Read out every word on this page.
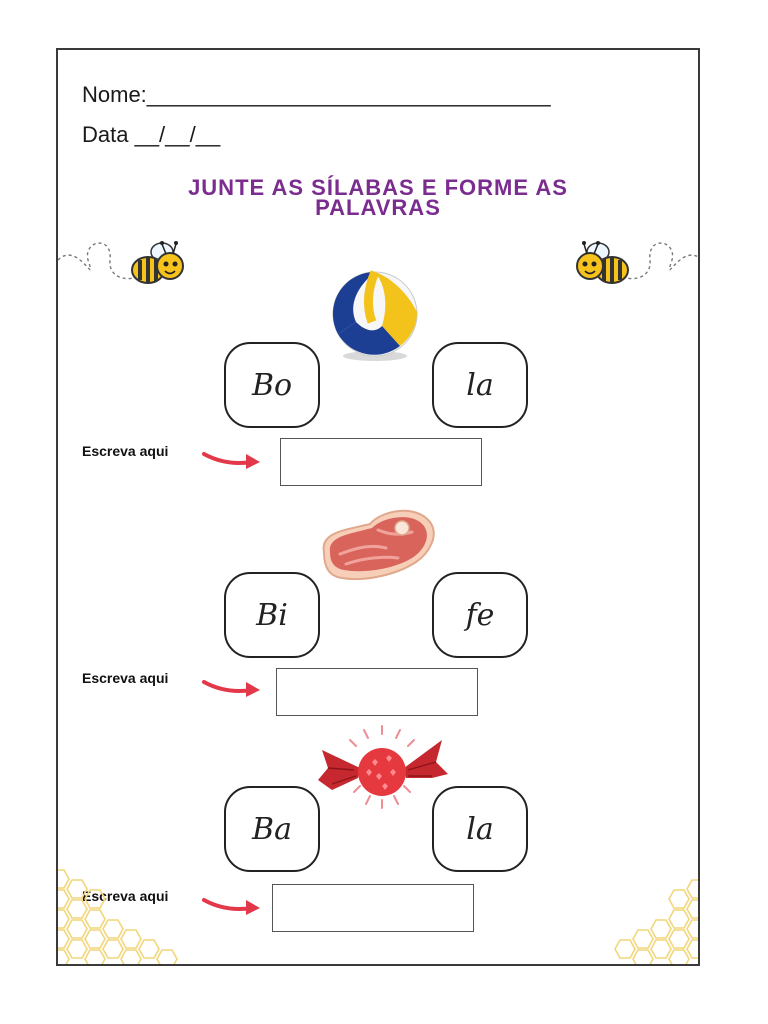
Nome:_________________________________
Data __/__/__
JUNTE AS SÍLABAS E FORME AS
PALAVRAS
Bo	la
Escreva aqui
Bi	fe
Escreva aqui
Ba	la
Escreva aqui
